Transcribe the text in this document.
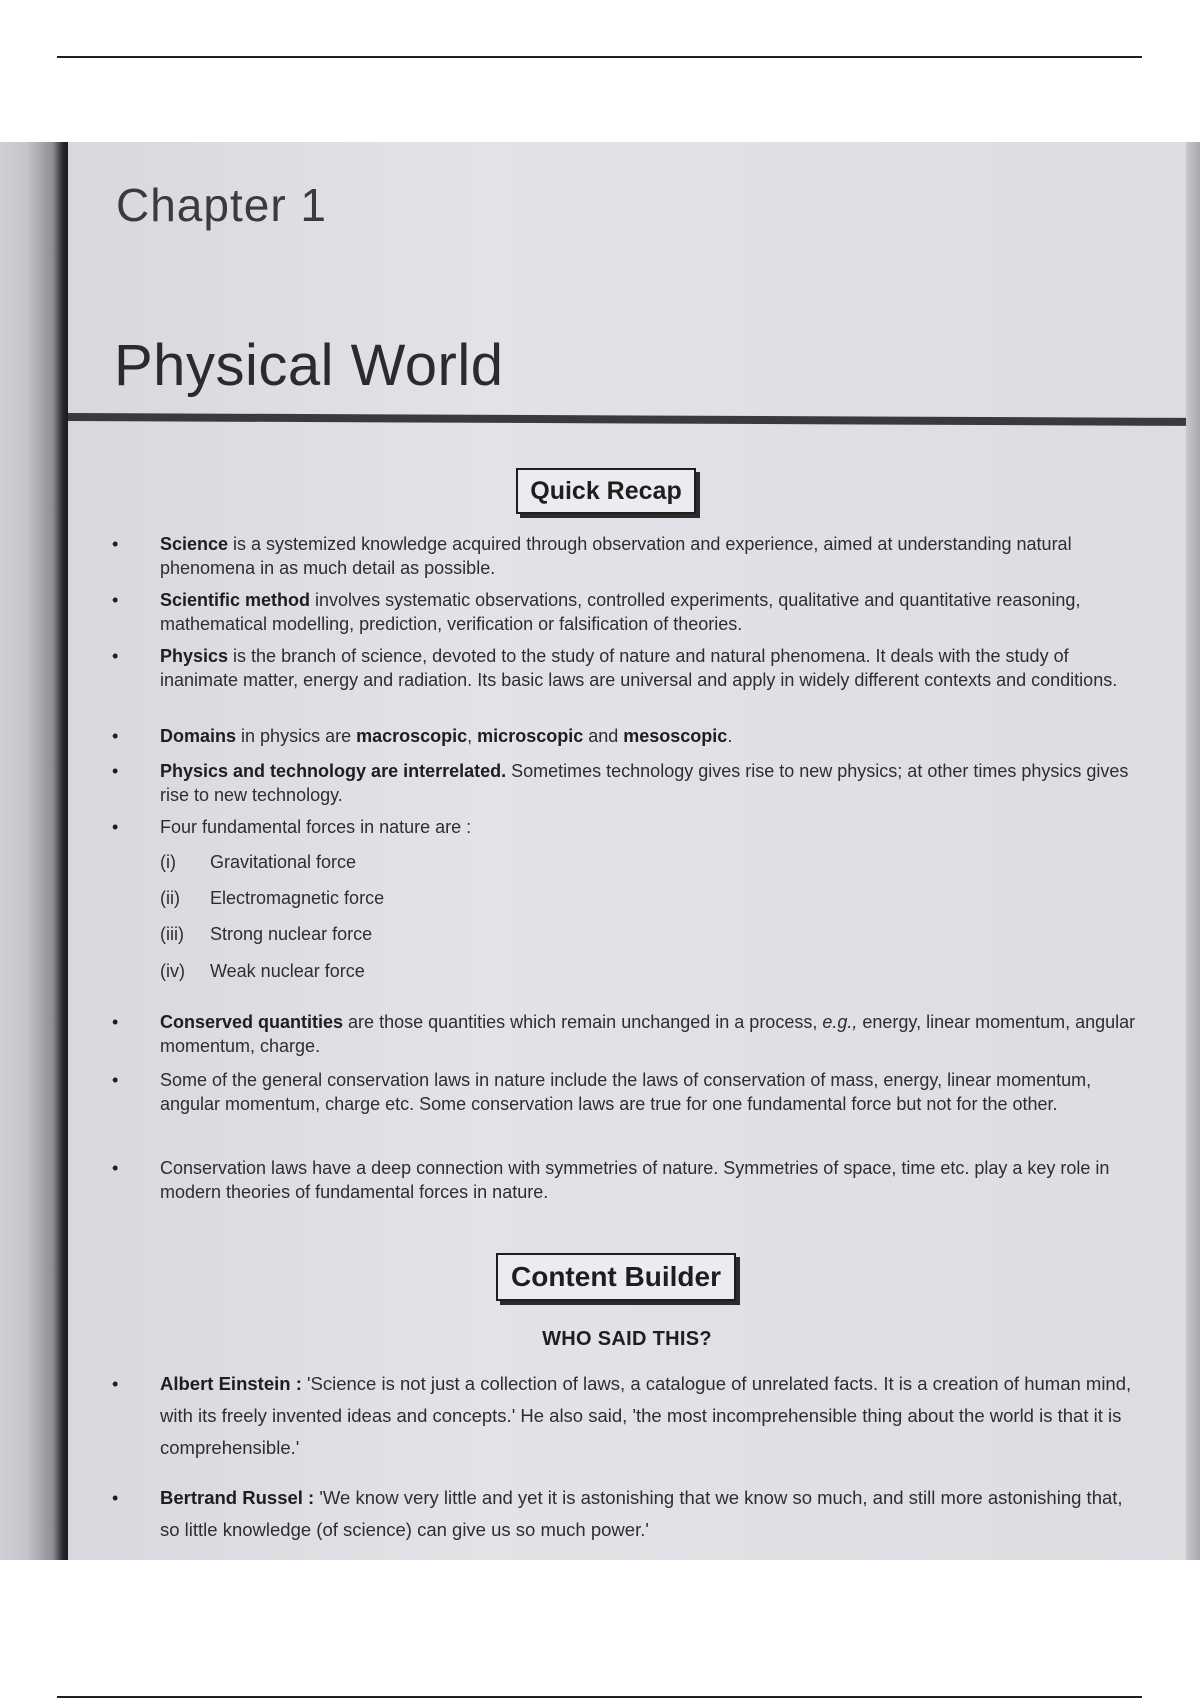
Chapter 1
Physical World
Quick Recap
• Science is a systemized knowledge acquired through observation and experience, aimed at understanding natural phenomena in as much detail as possible.
• Scientific method involves systematic observations, controlled experiments, qualitative and quantitative reasoning, mathematical modelling, prediction, verification or falsification of theories.
• Physics is the branch of science, devoted to the study of nature and natural phenomena. It deals with the study of inanimate matter, energy and radiation. Its basic laws are universal and apply in widely different contexts and conditions.
• Domains in physics are macroscopic, microscopic and mesoscopic.
• Physics and technology are interrelated. Sometimes technology gives rise to new physics; at other times physics gives rise to new technology.
• Four fundamental forces in nature are :
(i) Gravitational force
(ii) Electromagnetic force
(iii) Strong nuclear force
(iv) Weak nuclear force
• Conserved quantities are those quantities which remain unchanged in a process, e.g., energy, linear momentum, angular momentum, charge.
• Some of the general conservation laws in nature include the laws of conservation of mass, energy, linear momentum, angular momentum, charge etc. Some conservation laws are true for one fundamental force but not for the other.
• Conservation laws have a deep connection with symmetries of nature. Symmetries of space, time etc. play a key role in modern theories of fundamental forces in nature.
Content Builder
WHO SAID THIS?
• Albert Einstein : 'Science is not just a collection of laws, a catalogue of unrelated facts. It is a creation of human mind, with its freely invented ideas and concepts.' He also said, 'the most incomprehensible thing about the world is that it is comprehensible.'
• Bertrand Russel : 'We know very little and yet it is astonishing that we know so much, and still more astonishing that, so little knowledge (of science) can give us so much power.'
